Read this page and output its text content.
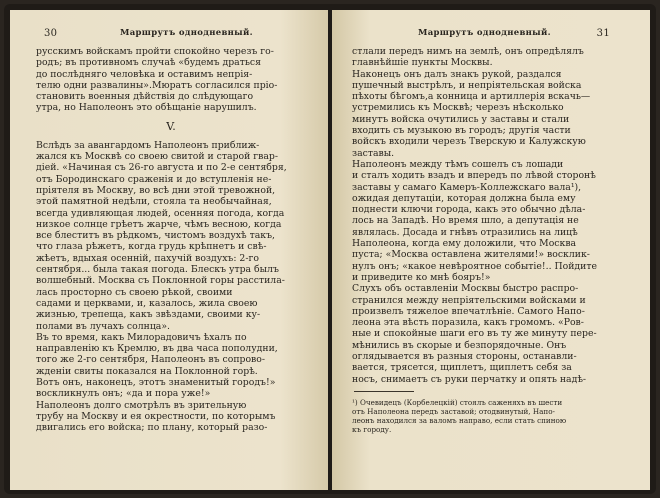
30	Маршрутъ однодневный.
русскимъ войскамъ пройти спокойно черезъ го-
родъ; въ противномъ случаѣ «будемъ драться
до послѣдняго человѣка и оставимъ непрія-
телю одни развалины».Мюратъ согласился пріо-
становить военныя дѣйствія до слѣдующаго
утра, но Наполеонъ это обѣщаніе нарушилъ.
V.
Вслѣдъ за авангардомъ Наполеонъ приближ-
жался къ Москвѣ со своею свитой и старой гвар-
діей. «Начиная съ 26-го августа и по 2-е сентября,
отъ Бородинскаго сраженія и до вступленія не-
пріятеля въ Москву, во всѣ дни этой тревожной,
этой памятной недѣли, стояла та необычайная,
всегда удивляющая людей, осенняя погода, когда
низкое солнце грѣетъ жарче, чѣмъ весною, когда
все блеститъ въ рѣдкомъ, чистомъ воздухѣ такъ,
что глаза рѣжетъ, когда грудь крѣпнетъ и свѣ-
жѣетъ, вдыхая осенній, пахучій воздухъ: 2-го
сентября... была такая погода. Блескъ утра былъ
волшебный. Москва съ Поклонной горы расстила-
лась просторно съ своею рѣкой, своими
садами и церквами, и, казалось, жила своею
жизнью, трепеща, какъ звѣздами, своими ку-
полами въ лучахъ солнца».
Въ то время, какъ Милорадовичъ ѣхалъ по
направленію къ Кремлю, въ два часа пополудни,
того же 2-го сентября, Наполеонъ въ сопрово-
жденіи свиты показался на Поклонной горѣ.
Вотъ онъ, наконецъ, этотъ знаменитый городъ!»
воскликнулъ онъ; «да и пора уже!»
Наполеонъ долго смотрѣлъ въ зрительную
трубу на Москву и ея окрестности, по которымъ
двигались его войска; по плану, который разо-
Маршрутъ однодневный.	31
стлали передъ нимъ на землѣ, онъ опредѣлялъ
главнѣйшіе пункты Москвы.
Наконецъ онъ далъ знакъ рукой, раздался
пушечный выстрѣлъ, и непріятельская войска
пѣхоты бѣгомъ,а конница и артиллерія вскачь—
устремились къ Москвѣ; черезъ нѣсколько
минутъ войска очутились у заставы и стали
входить съ музыкою въ городъ; другія части
войскъ входили черезъ Тверскую и Калужскую
заставы.
Наполеонъ между тѣмъ сошелъ съ лошади
и сталъ ходить взадъ и впередъ по лѣвой сторонѣ
заставы у самаго Камеръ-Коллежскаго вала¹),
ожидая депутаціи, которая должна была ему
поднести ключи города, какъ это обычно дѣла-
лось на Западѣ. Но время шло, а депутація не
являлась. Досада и гнѣвъ отразились на лицѣ
Наполеона, когда ему доложили, что Москва
пуста; «Москва оставлена жителями!» восклик-
нулъ онъ; «какое невѣроятное событіе!.. Пойдите
и приведите ко мнѣ бояръ!»
Слухъ объ оставленіи Москвы быстро распро-
странился между непріятельскими войсками и
произвелъ тяжелое впечатлѣніе. Самого Напо-
леона эта вѣсть поразила, какъ громомъ. «Ров-
ные и спокойные шаги его въ ту же минуту пере-
мѣнились въ скорые и безпорядочные. Онъ
оглядывается въ разныя стороны, останавли-
вается, трясется, щиплетъ, щиплетъ себя за
носъ, снимаетъ съ руки перчатку и опять надѣ-
¹) Очевидецъ (Корбелецкій) стоялъ саженяхъ въ шести
отъ Наполеона передъ заставой; отодвинутый, Напо-
леонъ находился за валомъ направо, если стать спиною
къ городу.
